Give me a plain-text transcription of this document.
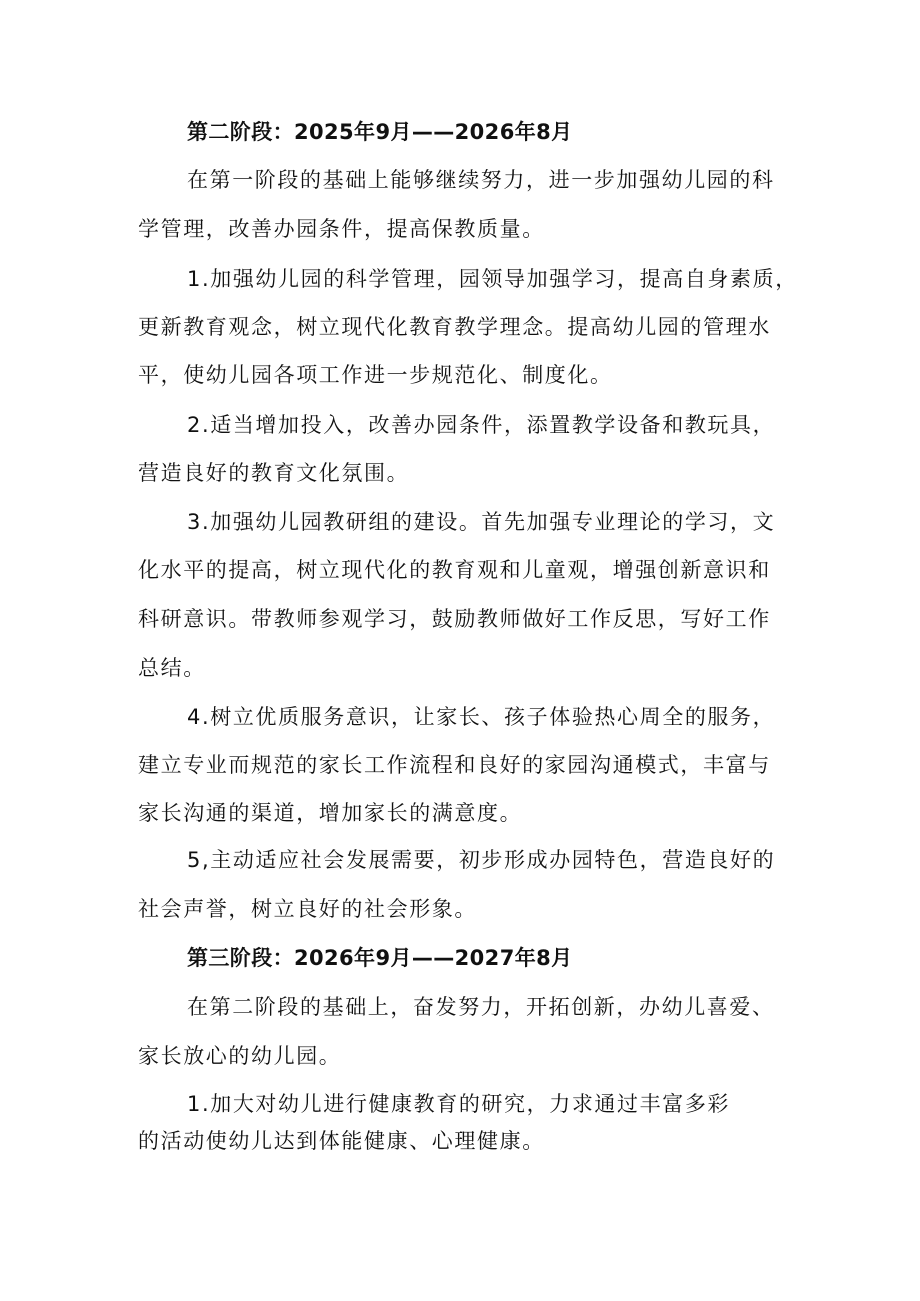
第二阶段：2025年9月——2026年8月
在第一阶段的基础上能够继续努力，进一步加强幼儿园的科
学管理，改善办园条件，提高保教质量。
1.加强幼儿园的科学管理，园领导加强学习，提高自身素质，
更新教育观念，树立现代化教育教学理念。提高幼儿园的管理水
平，使幼儿园各项工作进一步规范化、制度化。
2.适当增加投入，改善办园条件，添置教学设备和教玩具，
营造良好的教育文化氛围。
3.加强幼儿园教研组的建设。首先加强专业理论的学习，文
化水平的提高，树立现代化的教育观和儿童观，增强创新意识和
科研意识。带教师参观学习，鼓励教师做好工作反思，写好工作
总结。
4.树立优质服务意识，让家长、孩子体验热心周全的服务，
建立专业而规范的家长工作流程和良好的家园沟通模式，丰富与
家长沟通的渠道，增加家长的满意度。
5,主动适应社会发展需要，初步形成办园特色，营造良好的
社会声誉，树立良好的社会形象。
第三阶段：2026年9月——2027年8月
在第二阶段的基础上，奋发努力，开拓创新，办幼儿喜爱、
家长放心的幼儿园。
1.加大对幼儿进行健康教育的研究，力求通过丰富多彩
的活动使幼儿达到体能健康、心理健康。
